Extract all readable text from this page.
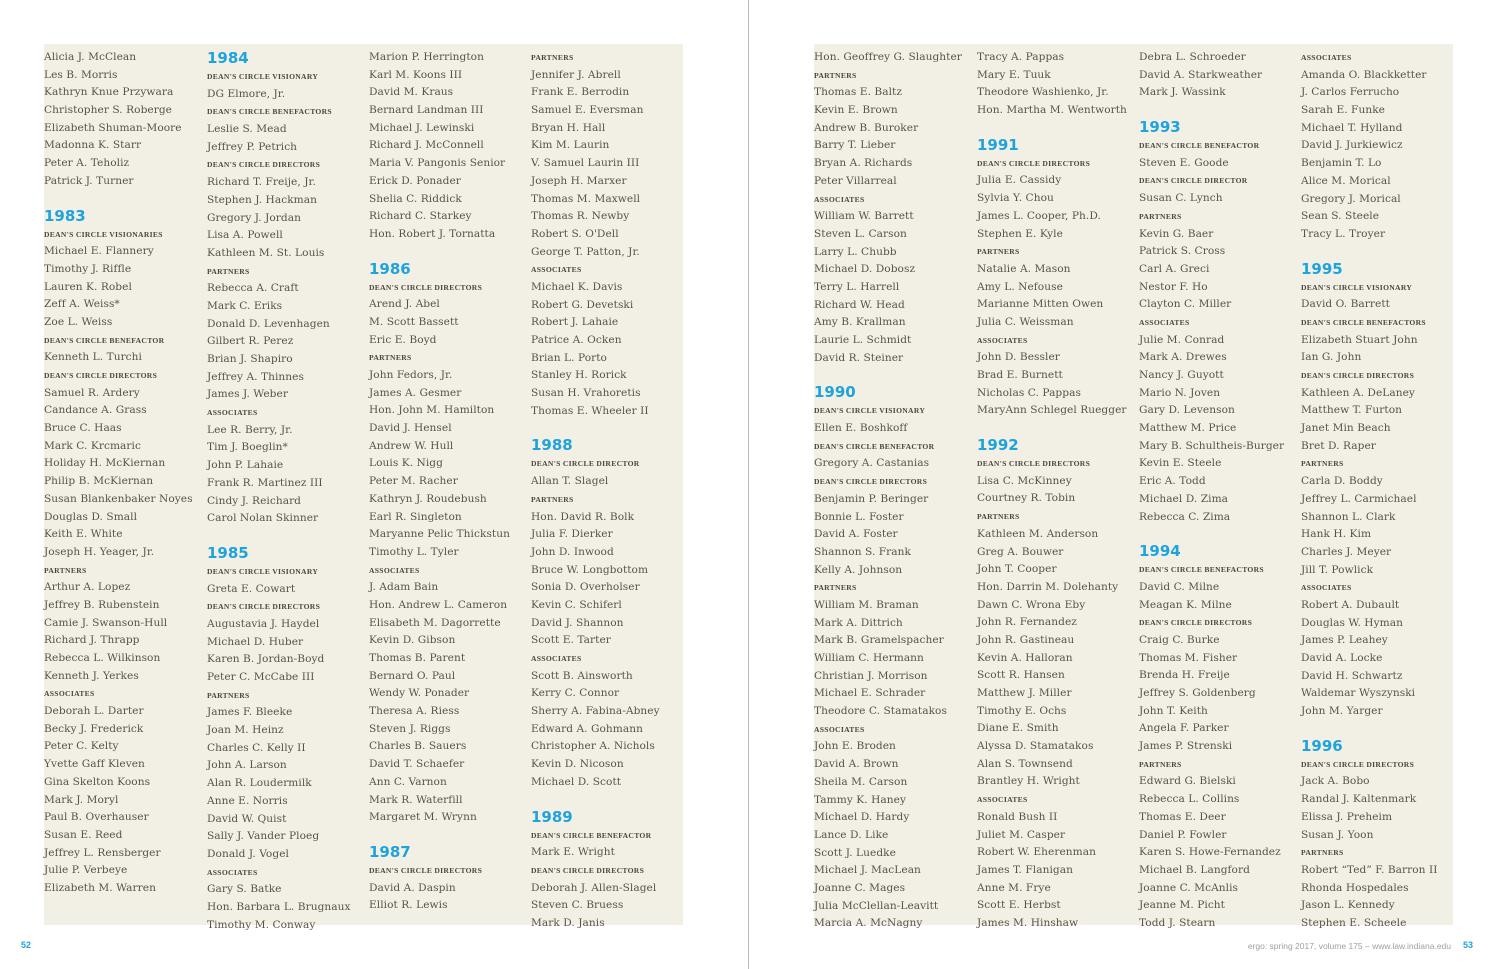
Alicia J. McClean
Les B. Morris
Kathryn Knue Przywara
Christopher S. Roberge
Elizabeth Shuman-Moore
Madonna K. Starr
Peter A. Teholiz
Patrick J. Turner
1983
DEAN'S CIRCLE VISIONARIES
Michael E. Flannery
Timothy J. Riffle
Lauren K. Robel
Zeff A. Weiss*
Zoe L. Weiss
DEAN'S CIRCLE BENEFACTOR
Kenneth L. Turchi
DEAN'S CIRCLE DIRECTORS
Samuel R. Ardery
Candance A. Grass
Bruce C. Haas
Mark C. Krcmaric
Holiday H. McKiernan
Philip B. McKiernan
Susan Blankenbaker Noyes
Douglas D. Small
Keith E. White
Joseph H. Yeager, Jr.
PARTNERS
Arthur A. Lopez
Jeffrey B. Rubenstein
Camie J. Swanson-Hull
Richard J. Thrapp
Rebecca L. Wilkinson
Kenneth J. Yerkes
ASSOCIATES
Deborah L. Darter
Becky J. Frederick
Peter C. Kelty
Yvette Gaff Kleven
Gina Skelton Koons
Mark J. Moryl
Paul B. Overhauser
Susan E. Reed
Jeffrey L. Rensberger
Julie P. Verbeye
Elizabeth M. Warren
1984
DEAN'S CIRCLE VISIONARY
DG Elmore, Jr.
DEAN'S CIRCLE BENEFACTORS
Leslie S. Mead
Jeffrey P. Petrich
DEAN'S CIRCLE DIRECTORS
Richard T. Freije, Jr.
Stephen J. Hackman
Gregory J. Jordan
Lisa A. Powell
Kathleen M. St. Louis
PARTNERS
Rebecca A. Craft
Mark C. Eriks
Donald D. Levenhagen
Gilbert R. Perez
Brian J. Shapiro
Jeffrey A. Thinnes
James J. Weber
ASSOCIATES
Lee R. Berry, Jr.
Tim J. Boeglin*
John P. Lahaie
Frank R. Martinez III
Cindy J. Reichard
Carol Nolan Skinner
1985
DEAN'S CIRCLE VISIONARY
Greta E. Cowart
DEAN'S CIRCLE DIRECTORS
Augustavia J. Haydel
Michael D. Huber
Karen B. Jordan-Boyd
Peter C. McCabe III
PARTNERS
James F. Bleeke
Joan M. Heinz
Charles C. Kelly II
John A. Larson
Alan R. Loudermilk
Anne E. Norris
David W. Quist
Sally J. Vander Ploeg
Donald J. Vogel
ASSOCIATES
Gary S. Batke
Hon. Barbara L. Brugnaux
Timothy M. Conway
Marion P. Herrington
Karl M. Koons III
David M. Kraus
Bernard Landman III
Michael J. Lewinski
Richard J. McConnell
Maria V. Pangonis Senior
Erick D. Ponader
Shelia C. Riddick
Richard C. Starkey
Hon. Robert J. Tornatta
1986
DEAN'S CIRCLE DIRECTORS
Arend J. Abel
M. Scott Bassett
Eric E. Boyd
PARTNERS
John Fedors, Jr.
James A. Gesmer
Hon. John M. Hamilton
David J. Hensel
Andrew W. Hull
Louis K. Nigg
Peter M. Racher
Kathryn J. Roudebush
Earl R. Singleton
Maryanne Pelic Thickstun
Timothy L. Tyler
ASSOCIATES
J. Adam Bain
Hon. Andrew L. Cameron
Elisabeth M. Dagorrette
Kevin D. Gibson
Thomas B. Parent
Bernard O. Paul
Wendy W. Ponader
Theresa A. Riess
Steven J. Riggs
Charles B. Sauers
David T. Schaefer
Ann C. Varnon
Mark R. Waterfill
Margaret M. Wrynn
1987
DEAN'S CIRCLE DIRECTORS
David A. Daspin
Elliot R. Lewis
PARTNERS
Jennifer J. Abrell
Frank E. Berrodin
Samuel E. Eversman
Bryan H. Hall
Kim M. Laurin
V. Samuel Laurin III
Joseph H. Marxer
Thomas M. Maxwell
Thomas R. Newby
Robert S. O'Dell
George T. Patton, Jr.
ASSOCIATES
Michael K. Davis
Robert G. Devetski
Robert J. Lahaie
Patrice A. Ocken
Brian L. Porto
Stanley H. Rorick
Susan H. Vrahoretis
Thomas E. Wheeler II
1988
DEAN'S CIRCLE DIRECTOR
Allan T. Slagel
PARTNERS
Hon. David R. Bolk
Julia F. Dierker
John D. Inwood
Bruce W. Longbottom
Sonia D. Overholser
Kevin C. Schiferl
David J. Shannon
Scott E. Tarter
ASSOCIATES
Scott B. Ainsworth
Kerry C. Connor
Sherry A. Fabina-Abney
Edward A. Gohmann
Christopher A. Nichols
Kevin D. Nicoson
Michael D. Scott
1989
DEAN'S CIRCLE BENEFACTOR
Mark E. Wright
DEAN'S CIRCLE DIRECTORS
Deborah J. Allen-Slagel
Steven C. Bruess
Mark D. Janis
Hon. Geoffrey G. Slaughter
PARTNERS
Thomas E. Baltz
Kevin E. Brown
Andrew B. Buroker
Barry T. Lieber
Bryan A. Richards
Peter Villarreal
ASSOCIATES
William W. Barrett
Steven L. Carson
Larry L. Chubb
Michael D. Dobosz
Terry L. Harrell
Richard W. Head
Amy B. Krallman
Laurie L. Schmidt
David R. Steiner
1990
DEAN'S CIRCLE VISIONARY
Ellen E. Boshkoff
DEAN'S CIRCLE BENEFACTOR
Gregory A. Castanias
DEAN'S CIRCLE DIRECTORS
Benjamin P. Beringer
Bonnie L. Foster
David A. Foster
Shannon S. Frank
Kelly A. Johnson
PARTNERS
William M. Braman
Mark A. Dittrich
Mark B. Gramelspacher
William C. Hermann
Christian J. Morrison
Michael E. Schrader
Theodore C. Stamatakos
ASSOCIATES
John E. Broden
David A. Brown
Sheila M. Carson
Tammy K. Haney
Michael D. Hardy
Lance D. Like
Scott J. Luedke
Michael J. MacLean
Joanne C. Mages
Julia McClellan-Leavitt
Marcia A. McNagny
Tracy A. Pappas
Mary E. Tuuk
Theodore Washienko, Jr.
Hon. Martha M. Wentworth
1991
DEAN'S CIRCLE DIRECTORS
Julia E. Cassidy
Sylvia Y. Chou
James L. Cooper, Ph.D.
Stephen E. Kyle
PARTNERS
Natalie A. Mason
Amy L. Nefouse
Marianne Mitten Owen
Julia C. Weissman
ASSOCIATES
John D. Bessler
Brad E. Burnett
Nicholas C. Pappas
MaryAnn Schlegel Ruegger
1992
DEAN'S CIRCLE DIRECTORS
Lisa C. McKinney
Courtney R. Tobin
PARTNERS
Kathleen M. Anderson
Greg A. Bouwer
John T. Cooper
Hon. Darrin M. Dolehanty
Dawn C. Wrona Eby
John R. Fernandez
John R. Gastineau
Kevin A. Halloran
Scott R. Hansen
Matthew J. Miller
Timothy E. Ochs
Diane E. Smith
Alyssa D. Stamatakos
Alan S. Townsend
Brantley H. Wright
ASSOCIATES
Ronald Bush II
Juliet M. Casper
Robert W. Eherenman
James T. Flanigan
Anne M. Frye
Scott E. Herbst
James M. Hinshaw
Debra L. Schroeder
David A. Starkweather
Mark J. Wassink
1993
DEAN'S CIRCLE BENEFACTOR
Steven E. Goode
DEAN'S CIRCLE DIRECTOR
Susan C. Lynch
PARTNERS
Kevin G. Baer
Patrick S. Cross
Carl A. Greci
Nestor F. Ho
Clayton C. Miller
ASSOCIATES
Julie M. Conrad
Mark A. Drewes
Nancy J. Guyott
Mario N. Joven
Gary D. Levenson
Matthew M. Price
Mary B. Schultheis-Burger
Kevin E. Steele
Eric A. Todd
Michael D. Zima
Rebecca C. Zima
1994
DEAN'S CIRCLE BENEFACTORS
David C. Milne
Meagan K. Milne
DEAN'S CIRCLE DIRECTORS
Craig C. Burke
Thomas M. Fisher
Brenda H. Freije
Jeffrey S. Goldenberg
John T. Keith
Angela F. Parker
James P. Strenski
PARTNERS
Edward G. Bielski
Rebecca L. Collins
Thomas E. Deer
Daniel P. Fowler
Karen S. Howe-Fernandez
Michael B. Langford
Joanne C. McAnlis
Jeanne M. Picht
Todd J. Stearn
ASSOCIATES
Amanda O. Blackketter
J. Carlos Ferrucho
Sarah E. Funke
Michael T. Hylland
David J. Jurkiewicz
Benjamin T. Lo
Alice M. Morical
Gregory J. Morical
Sean S. Steele
Tracy L. Troyer
1995
DEAN'S CIRCLE VISIONARY
David O. Barrett
DEAN'S CIRCLE BENEFACTORS
Elizabeth Stuart John
Ian G. John
DEAN'S CIRCLE DIRECTORS
Kathleen A. DeLaney
Matthew T. Furton
Janet Min Beach
Bret D. Raper
PARTNERS
Carla D. Boddy
Jeffrey L. Carmichael
Shannon L. Clark
Hank H. Kim
Charles J. Meyer
Jill T. Powlick
ASSOCIATES
Robert A. Dubault
Douglas W. Hyman
James P. Leahey
David A. Locke
David H. Schwartz
Waldemar Wyszynski
John M. Yarger
1996
DEAN'S CIRCLE DIRECTORS
Jack A. Bobo
Randal J. Kaltenmark
Elissa J. Preheim
Susan J. Yoon
PARTNERS
Robert “Ted” F. Barron II
Rhonda Hospedales
Jason L. Kennedy
Stephen E. Scheele
52	ergo: spring 2017, volume 175 – www.law.indiana.edu 53
